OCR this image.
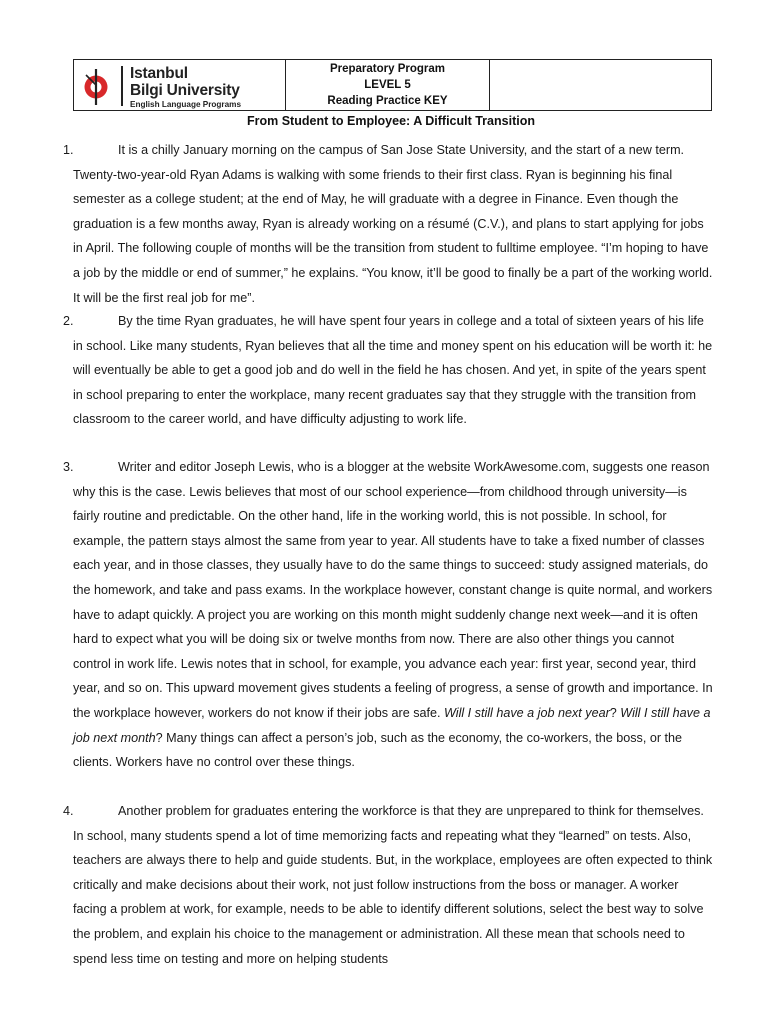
Istanbul
Bilgi University
English Language Programs
Preparatory Program
LEVEL 5
Reading Practice KEY
From Student to Employee: A Difficult Transition
1.	It is a chilly January morning on the campus of San Jose State University, and the start of a new term. Twenty-two-year-old Ryan Adams is walking with some friends to their first class. Ryan is beginning his final semester as a college student; at the end of May, he will graduate with a degree in Finance. Even though the graduation is a few months away, Ryan is already working on a résumé (C.V.), and plans to start applying for jobs in April. The following couple of months will be the transition from student to fulltime employee. “I’m hoping to have a job by the middle or end of summer,” he explains. “You know, it’ll be good to finally be a part of the working world. It will be the first real job for me”.

2.	By the time Ryan graduates, he will have spent four years in college and a total of sixteen years of his life in school. Like many students, Ryan believes that all the time and money spent on his education will be worth it: he will eventually be able to get a good job and do well in the field he has chosen. And yet, in spite of the years spent in school preparing to enter the workplace, many recent graduates say that they struggle with the transition from classroom to the career world, and have difficulty adjusting to work life.

3.	Writer and editor Joseph Lewis, who is a blogger at the website WorkAwesome.com, suggests one reason why this is the case. Lewis believes that most of our school experience—from childhood through university—is fairly routine and predictable. On the other hand, life in the working world, this is not possible. In school, for example, the pattern stays almost the same from year to year. All students have to take a fixed number of classes each year, and in those classes, they usually have to do the same things to succeed: study assigned materials, do the homework, and take and pass exams. In the workplace however, constant change is quite normal, and workers have to adapt quickly. A project you are working on this month might suddenly change next week—and it is often hard to expect what you will be doing six or twelve months from now. There are also other things you cannot control in work life. Lewis notes that in school, for example, you advance each year: first year, second year, third year, and so on. This upward movement gives students a feeling of progress, a sense of growth and importance. In the workplace however, workers do not know if their jobs are safe. Will I still have a job next year? Will I still have a job next month? Many things can affect a person’s job, such as the economy, the co-workers, the boss, or the clients. Workers have no control over these things.

4.	Another problem for graduates entering the workforce is that they are unprepared to think for themselves. In school, many students spend a lot of time memorizing facts and repeating what they “learned” on tests. Also, teachers are always there to help and guide students. But, in the workplace, employees are often expected to think critically and make decisions about their work, not just follow instructions from the boss or manager. A worker facing a problem at work, for example, needs to be able to identify different solutions, select the best way to solve the problem, and explain his choice to the management or administration. All these mean that schools need to spend less time on testing and more on helping students
